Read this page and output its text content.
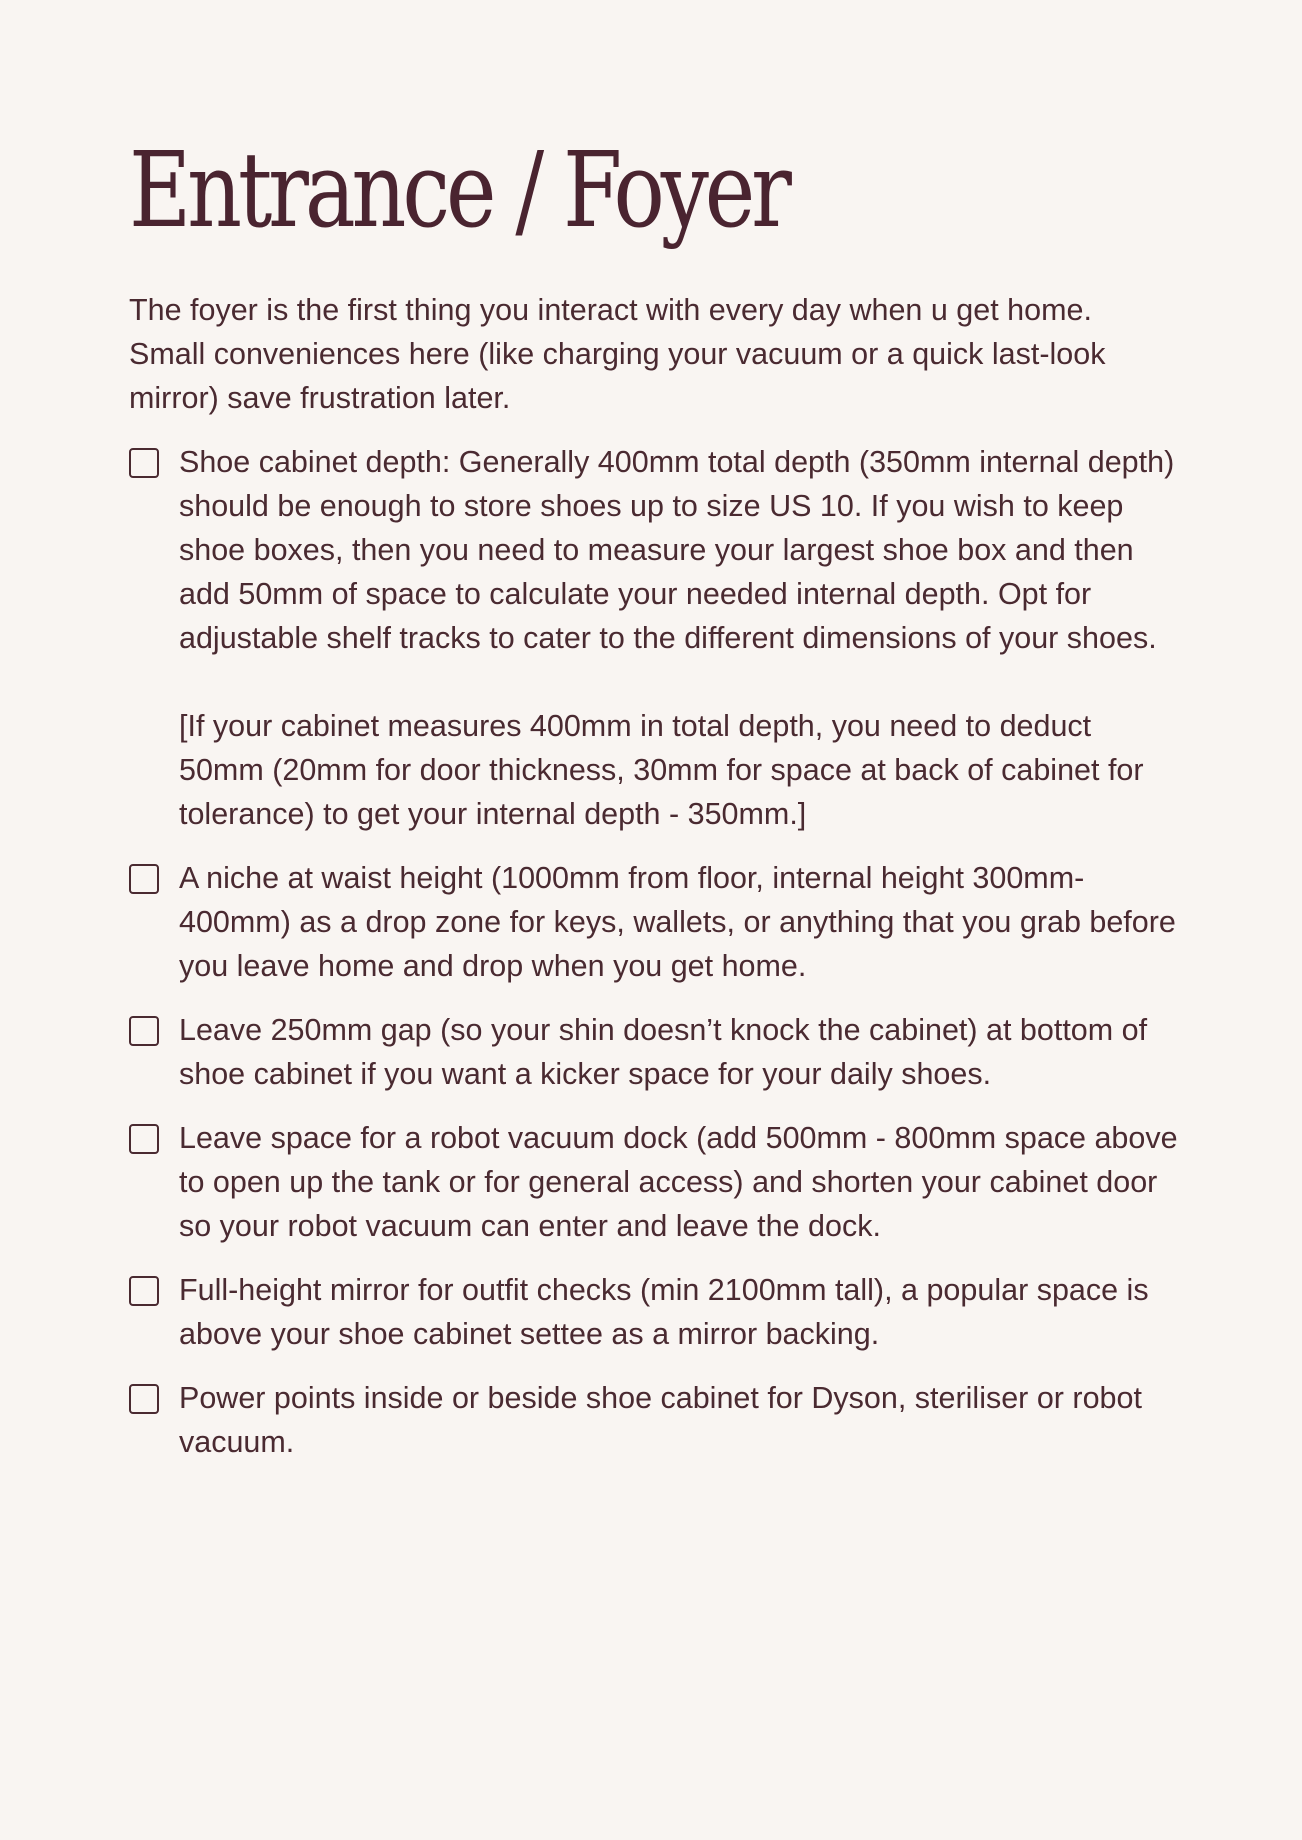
Entrance / Foyer

The foyer is the first thing you interact with every day when u get home. Small conveniences here (like charging your vacuum or a quick last-look mirror) save frustration later.

Shoe cabinet depth: Generally 400mm total depth (350mm internal depth) should be enough to store shoes up to size US 10. If you wish to keep shoe boxes, then you need to measure your largest shoe box and then add 50mm of space to calculate your needed internal depth. Opt for adjustable shelf tracks to cater to the different dimensions of your shoes.

[If your cabinet measures 400mm in total depth, you need to deduct 50mm (20mm for door thickness, 30mm for space at back of cabinet for tolerance) to get your internal depth - 350mm.]
A niche at waist height (1000mm from floor, internal height 300mm-400mm) as a drop zone for keys, wallets, or anything that you grab before you leave home and drop when you get home.
Leave 250mm gap (so your shin doesn’t knock the cabinet) at bottom of shoe cabinet if you want a kicker space for your daily shoes.
Leave space for a robot vacuum dock (add 500mm - 800mm space above to open up the tank or for general access) and shorten your cabinet door so your robot vacuum can enter and leave the dock.
Full-height mirror for outfit checks (min 2100mm tall), a popular space is above your shoe cabinet settee as a mirror backing.
Power points inside or beside shoe cabinet for Dyson, steriliser or robot vacuum.
